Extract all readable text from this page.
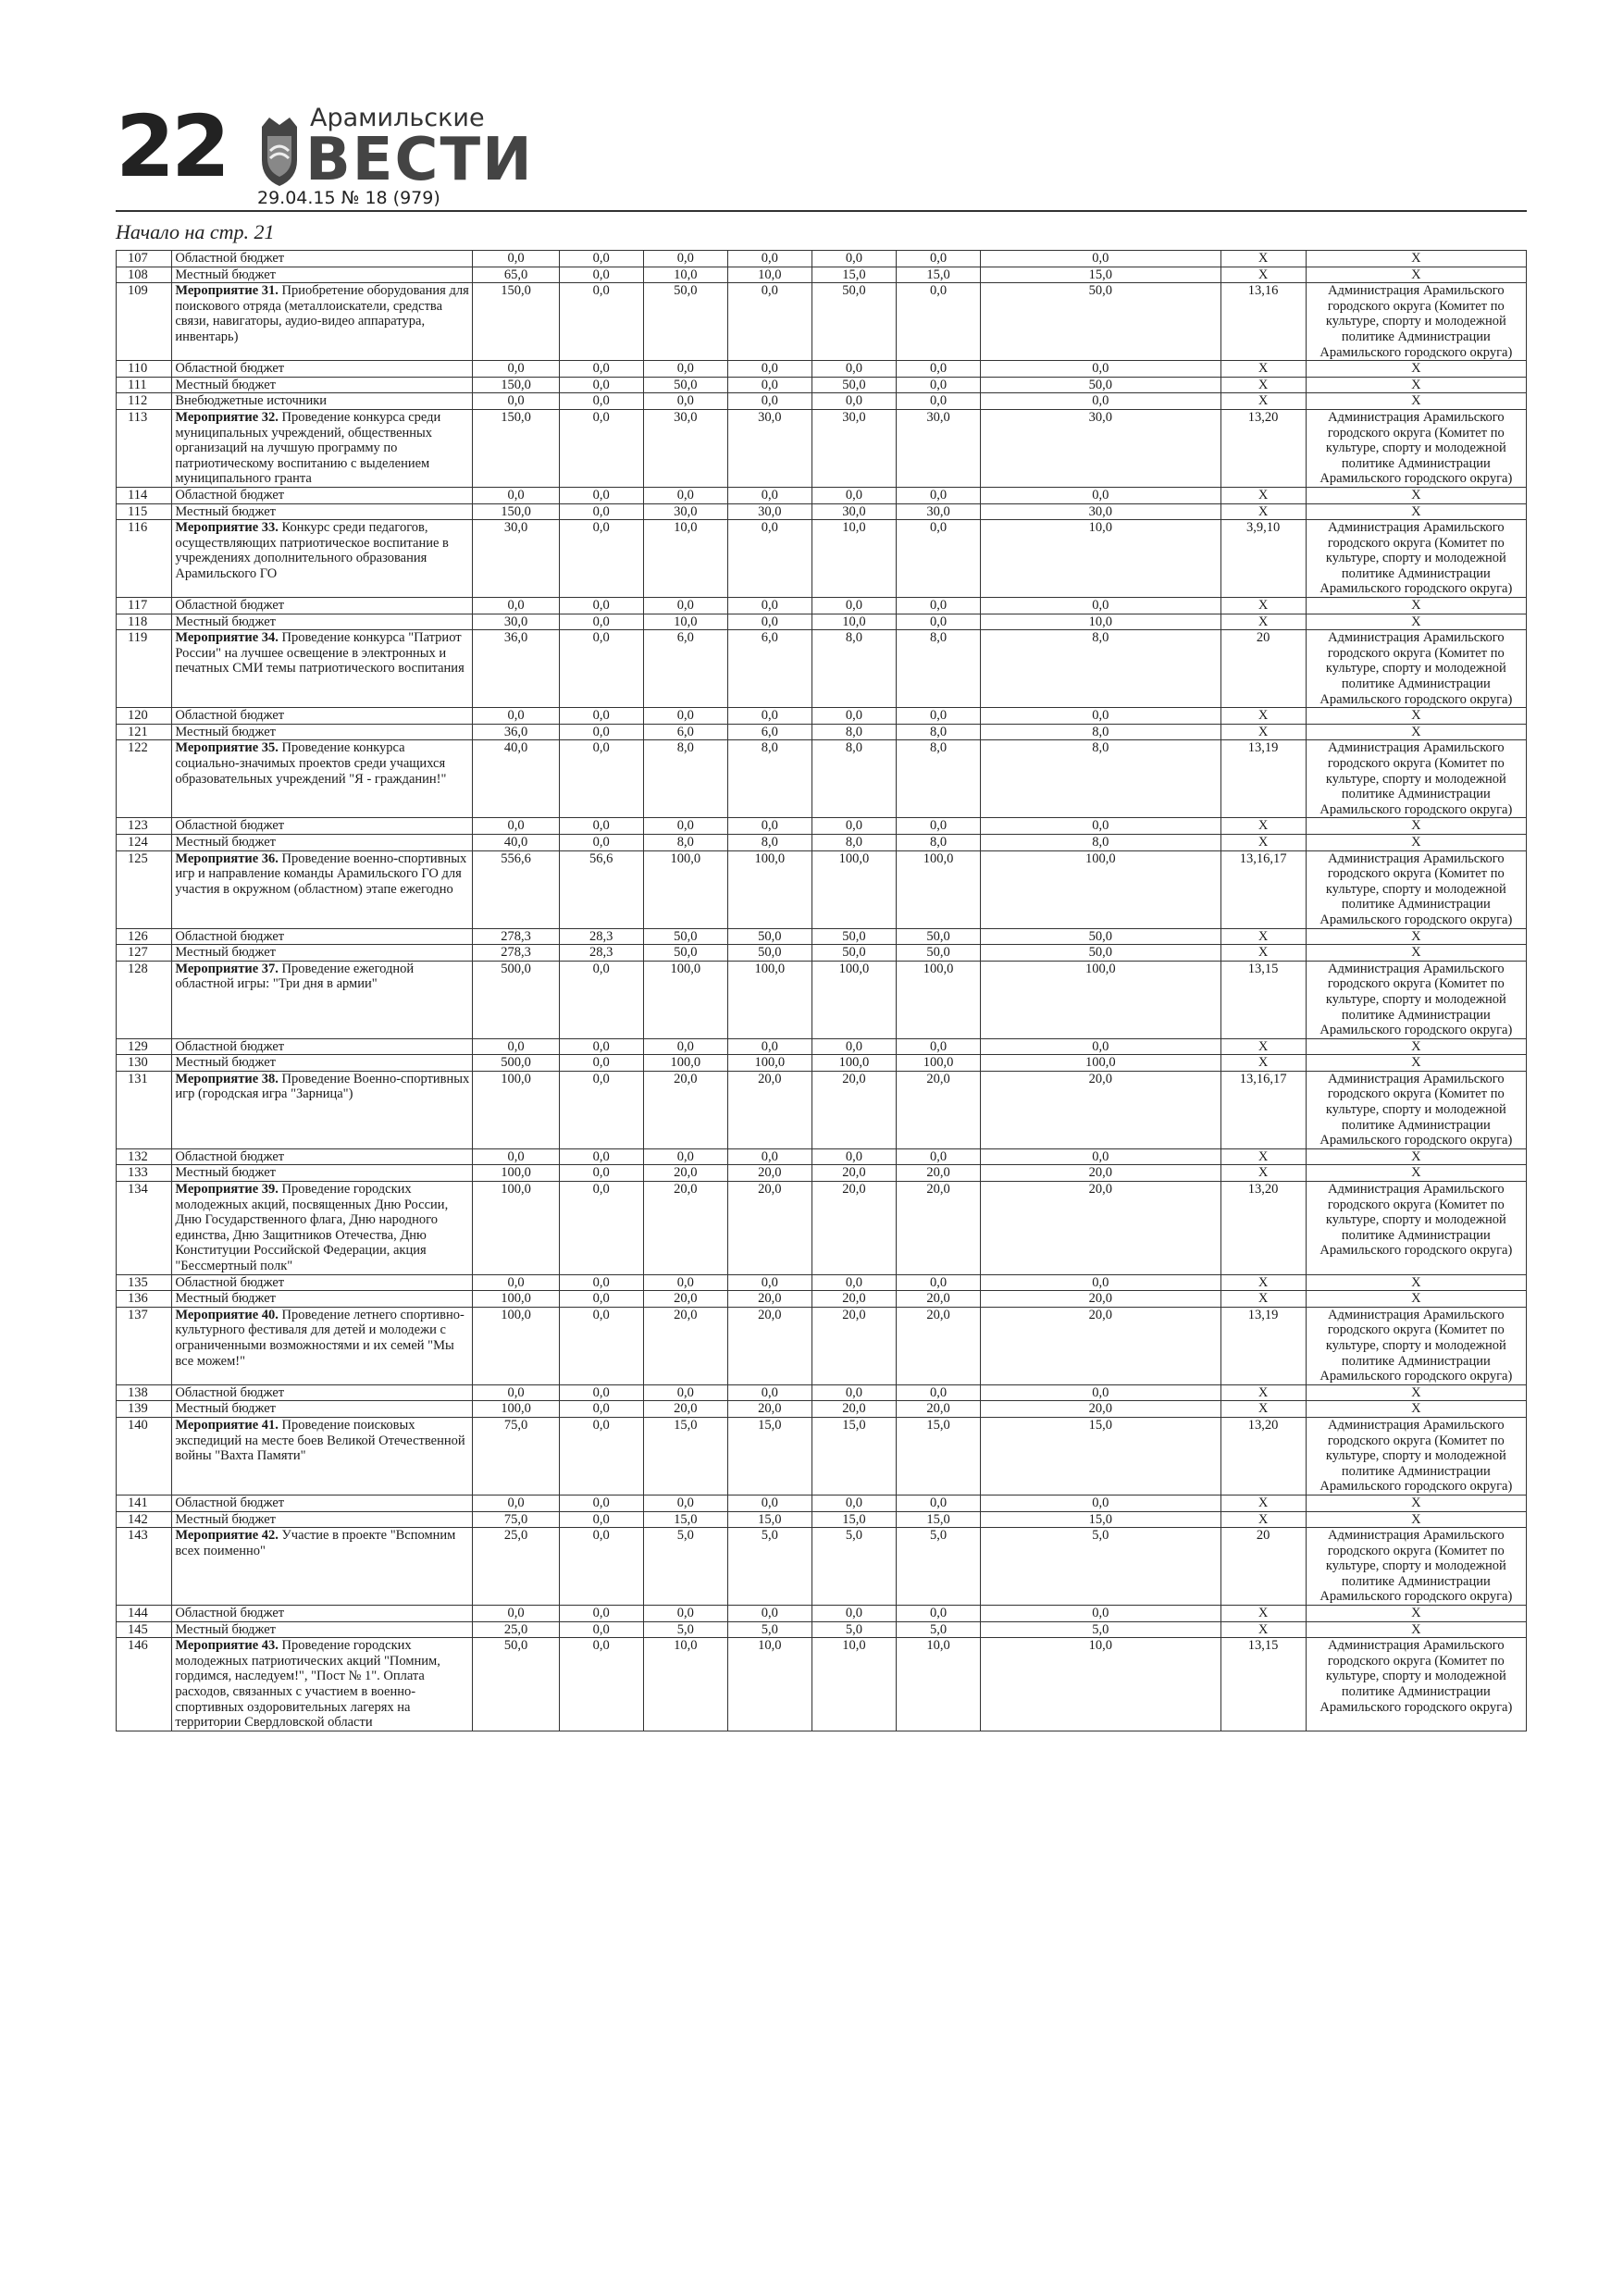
22	Арамильские
ВЕСТИ
29.04.15 № 18 (979)
Начало на стр. 21
107	Областной бюджет	0,0	0,0	0,0	0,0	0,0	0,0	0,0	Х	Х
108	Местный бюджет	65,0	0,0	10,0	10,0	15,0	15,0	15,0	Х	Х
109	Мероприятие 31. Приобретение оборудования для поискового отряда (металлоискатели, средства связи, навигаторы, аудио-видео аппаратура, инвентарь)	150,0	0,0	50,0	0,0	50,0	0,0	50,0	13,16	Администрация Арамильского городского округа (Комитет по культуре, спорту и молодежной политике Администрации Арамильского городского округа)
110	Областной бюджет	0,0	0,0	0,0	0,0	0,0	0,0	0,0	Х	Х
111	Местный бюджет	150,0	0,0	50,0	0,0	50,0	0,0	50,0	Х	Х
112	Внебюджетные источники	0,0	0,0	0,0	0,0	0,0	0,0	0,0	Х	Х
113	Мероприятие 32. Проведение конкурса среди муниципальных учреждений, общественных организаций на лучшую программу по патриотическому воспитанию с выделением муниципального гранта	150,0	0,0	30,0	30,0	30,0	30,0	30,0	13,20	Администрация Арамильского городского округа (Комитет по культуре, спорту и молодежной политике Администрации Арамильского городского округа)
114	Областной бюджет	0,0	0,0	0,0	0,0	0,0	0,0	0,0	Х	Х
115	Местный бюджет	150,0	0,0	30,0	30,0	30,0	30,0	30,0	Х	Х
116	Мероприятие 33. Конкурс среди педагогов, осуществляющих патриотическое воспитание в учреждениях дополнительного образования Арамильского ГО	30,0	0,0	10,0	0,0	10,0	0,0	10,0	3,9,10	Администрация Арамильского городского округа (Комитет по культуре, спорту и молодежной политике Администрации Арамильского городского округа)
117	Областной бюджет	0,0	0,0	0,0	0,0	0,0	0,0	0,0	Х	Х
118	Местный бюджет	30,0	0,0	10,0	0,0	10,0	0,0	10,0	Х	Х
119	Мероприятие 34. Проведение конкурса "Патриот России" на лучшее освещение в электронных и печатных СМИ темы патриотического воспитания	36,0	0,0	6,0	6,0	8,0	8,0	8,0	20	Администрация Арамильского городского округа (Комитет по культуре, спорту и молодежной политике Администрации Арамильского городского округа)
120	Областной бюджет	0,0	0,0	0,0	0,0	0,0	0,0	0,0	Х	Х
121	Местный бюджет	36,0	0,0	6,0	6,0	8,0	8,0	8,0	Х	Х
122	Мероприятие 35. Проведение конкурса социально-значимых проектов среди учащихся образовательных учреждений "Я - гражданин!"	40,0	0,0	8,0	8,0	8,0	8,0	8,0	13,19	Администрация Арамильского городского округа (Комитет по культуре, спорту и молодежной политике Администрации Арамильского городского округа)
123	Областной бюджет	0,0	0,0	0,0	0,0	0,0	0,0	0,0	Х	Х
124	Местный бюджет	40,0	0,0	8,0	8,0	8,0	8,0	8,0	Х	Х
125	Мероприятие 36. Проведение военно-спортивных игр и направление команды Арамильского ГО для участия в окружном (областном) этапе ежегодно	556,6	56,6	100,0	100,0	100,0	100,0	100,0	13,16,17	Администрация Арамильского городского округа (Комитет по культуре, спорту и молодежной политике Администрации Арамильского городского округа)
126	Областной бюджет	278,3	28,3	50,0	50,0	50,0	50,0	50,0	Х	Х
127	Местный бюджет	278,3	28,3	50,0	50,0	50,0	50,0	50,0	Х	Х
128	Мероприятие 37. Проведение ежегодной областной игры: "Три дня в армии"	500,0	0,0	100,0	100,0	100,0	100,0	100,0	13,15	Администрация Арамильского городского округа (Комитет по культуре, спорту и молодежной политике Администрации Арамильского городского округа)
129	Областной бюджет	0,0	0,0	0,0	0,0	0,0	0,0	0,0	Х	Х
130	Местный бюджет	500,0	0,0	100,0	100,0	100,0	100,0	100,0	Х	Х
131	Мероприятие 38. Проведение Военно-спортивных игр (городская игра "Зарница")	100,0	0,0	20,0	20,0	20,0	20,0	20,0	13,16,17	Администрация Арамильского городского округа (Комитет по культуре, спорту и молодежной политике Администрации Арамильского городского округа)
132	Областной бюджет	0,0	0,0	0,0	0,0	0,0	0,0	0,0	Х	Х
133	Местный бюджет	100,0	0,0	20,0	20,0	20,0	20,0	20,0	Х	Х
134	Мероприятие 39. Проведение городских молодежных акций, посвященных Дню России, Дню Государственного флага, Дню народного единства, Дню Защитников Отечества, Дню Конституции Российской Федерации, акция "Бессмертный полк"	100,0	0,0	20,0	20,0	20,0	20,0	20,0	13,20	Администрация Арамильского городского округа (Комитет по культуре, спорту и молодежной политике Администрации Арамильского городского округа)
135	Областной бюджет	0,0	0,0	0,0	0,0	0,0	0,0	0,0	Х	Х
136	Местный бюджет	100,0	0,0	20,0	20,0	20,0	20,0	20,0	Х	Х
137	Мероприятие 40. Проведение летнего спортивно-культурного фестиваля для детей и молодежи с ограниченными возможностями и их семей "Мы все можем!"	100,0	0,0	20,0	20,0	20,0	20,0	20,0	13,19	Администрация Арамильского городского округа (Комитет по культуре, спорту и молодежной политике Администрации Арамильского городского округа)
138	Областной бюджет	0,0	0,0	0,0	0,0	0,0	0,0	0,0	Х	Х
139	Местный бюджет	100,0	0,0	20,0	20,0	20,0	20,0	20,0	Х	Х
140	Мероприятие 41. Проведение поисковых экспедиций на месте боев Великой Отечественной войны "Вахта Памяти"	75,0	0,0	15,0	15,0	15,0	15,0	15,0	13,20	Администрация Арамильского городского округа (Комитет по культуре, спорту и молодежной политике Администрации Арамильского городского округа)
141	Областной бюджет	0,0	0,0	0,0	0,0	0,0	0,0	0,0	Х	Х
142	Местный бюджет	75,0	0,0	15,0	15,0	15,0	15,0	15,0	Х	Х
143	Мероприятие 42. Участие в проекте "Вспомним всех поименно"	25,0	0,0	5,0	5,0	5,0	5,0	5,0	20	Администрация Арамильского городского округа (Комитет по культуре, спорту и молодежной политике Администрации Арамильского городского округа)
144	Областной бюджет	0,0	0,0	0,0	0,0	0,0	0,0	0,0	Х	Х
145	Местный бюджет	25,0	0,0	5,0	5,0	5,0	5,0	5,0	Х	Х
146	Мероприятие 43. Проведение городских молодежных патриотических акций "Помним, гордимся, наследуем!", "Пост № 1". Оплата расходов, связанных с участием в военно-спортивных оздоровительных лагерях на территории Свердловской области	50,0	0,0	10,0	10,0	10,0	10,0	10,0	13,15	Администрация Арамильского городского округа (Комитет по культуре, спорту и молодежной политике Администрации Арамильского городского округа)
